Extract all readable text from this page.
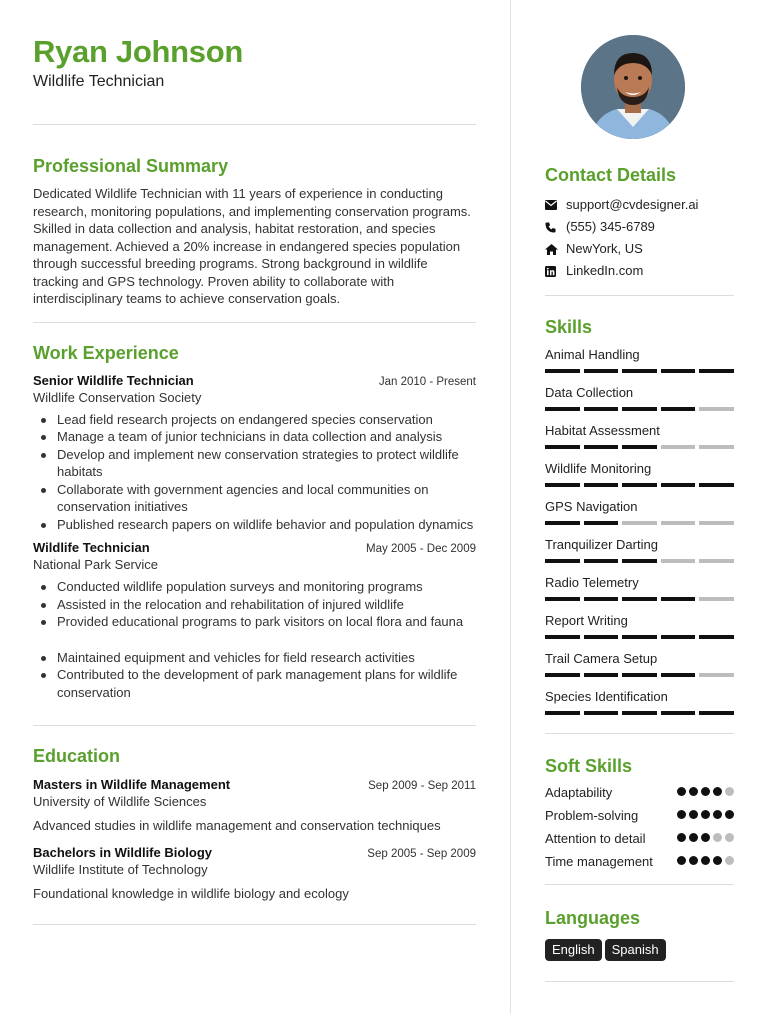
Ryan Johnson
Wildlife Technician
Professional Summary

Dedicated Wildlife Technician with 11 years of experience in conducting research, monitoring populations, and implementing conservation programs. Skilled in data collection and analysis, habitat restoration, and species management. Achieved a 20% increase in endangered species population through successful breeding programs. Strong background in wildlife tracking and GPS technology. Proven ability to collaborate with interdisciplinary teams to achieve conservation goals.

Work Experience
Senior Wildlife Technician	Jan 2010 - Present
Wildlife Conservation Society
Lead field research projects on endangered species conservation
Manage a team of junior technicians in data collection and analysis
Develop and implement new conservation strategies to protect wildlife habitats
Collaborate with government agencies and local communities on conservation initiatives
Published research papers on wildlife behavior and population dynamics
Wildlife Technician	May 2005 - Dec 2009
National Park Service
Conducted wildlife population surveys and monitoring programs
Assisted in the relocation and rehabilitation of injured wildlife
Provided educational programs to park visitors on local flora and fauna
Maintained equipment and vehicles for field research activities
Contributed to the development of park management plans for wildlife conservation
Education
Masters in Wildlife Management	Sep 2009 - Sep 2011
University of Wildlife Sciences
Advanced studies in wildlife management and conservation techniques
Bachelors in Wildlife Biology	Sep 2005 - Sep 2009
Wildlife Institute of Technology
Foundational knowledge in wildlife biology and ecology
Contact Details
support@cvdesigner.ai
(555) 345-6789
NewYork, US
LinkedIn.com
Skills
Animal Handling
Data Collection
Habitat Assessment
Wildlife Monitoring
GPS Navigation
Tranquilizer Darting
Radio Telemetry
Report Writing
Trail Camera Setup
Species Identification
Soft Skills
Adaptability
Problem-solving
Attention to detail
Time management
Languages
English Spanish
